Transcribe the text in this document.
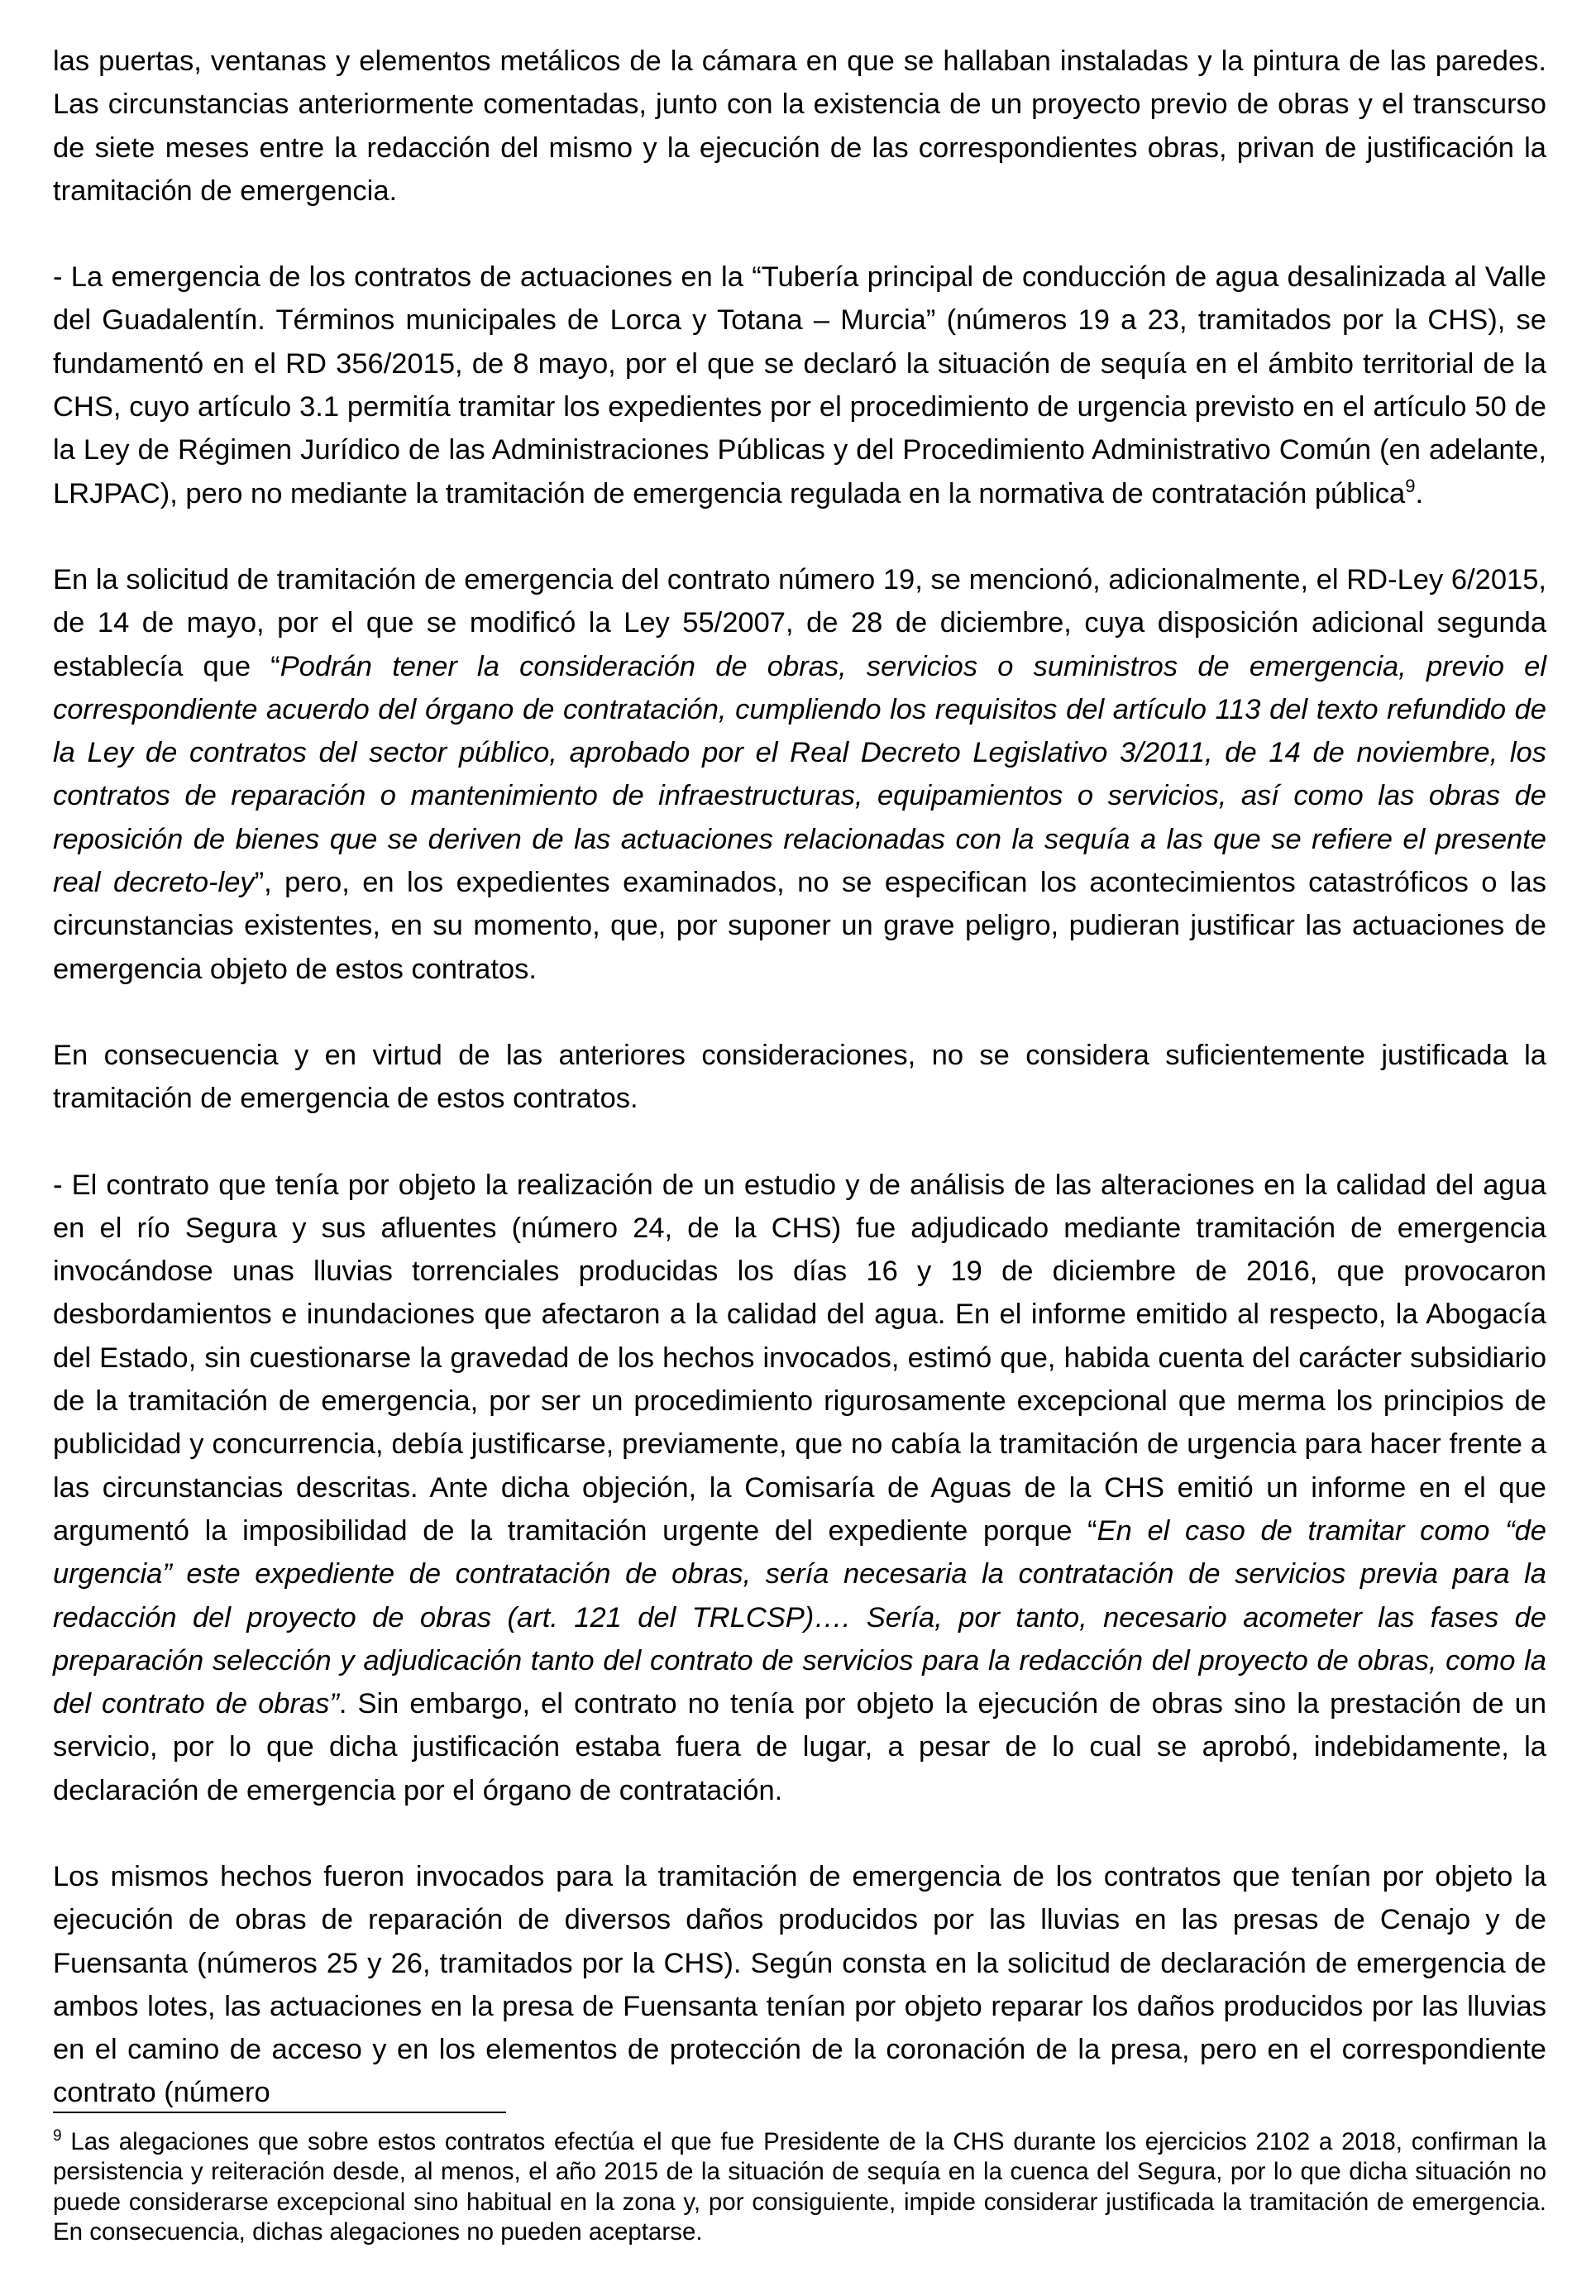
las puertas, ventanas y elementos metálicos de la cámara en que se hallaban instaladas y la pintura de las paredes. Las circunstancias anteriormente comentadas, junto con la existencia de un proyecto previo de obras y el transcurso de siete meses entre la redacción del mismo y la ejecución de las correspondientes obras, privan de justificación la tramitación de emergencia.

- La emergencia de los contratos de actuaciones en la “Tubería principal de conducción de agua desalinizada al Valle del Guadalentín. Términos municipales de Lorca y Totana – Murcia” (números 19 a 23, tramitados por la CHS), se fundamentó en el RD 356/2015, de 8 mayo, por el que se declaró la situación de sequía en el ámbito territorial de la CHS, cuyo artículo 3.1 permitía tramitar los expedientes por el procedimiento de urgencia previsto en el artículo 50 de la Ley de Régimen Jurídico de las Administraciones Públicas y del Procedimiento Administrativo Común (en adelante, LRJPAC), pero no mediante la tramitación de emergencia regulada en la normativa de contratación pública$^9$.

En la solicitud de tramitación de emergencia del contrato número 19, se mencionó, adicionalmente, el RD-Ley 6/2015, de 14 de mayo, por el que se modificó la Ley 55/2007, de 28 de diciembre, cuya disposición adicional segunda establecía que “Podrán tener la consideración de obras, servicios o suministros de emergencia, previo el correspondiente acuerdo del órgano de contratación, cumpliendo los requisitos del artículo 113 del texto refundido de la Ley de contratos del sector público, aprobado por el Real Decreto Legislativo 3/2011, de 14 de noviembre, los contratos de reparación o mantenimiento de infraestructuras, equipamientos o servicios, así como las obras de reposición de bienes que se deriven de las actuaciones relacionadas con la sequía a las que se refiere el presente real decreto-ley”, pero, en los expedientes examinados, no se especifican los acontecimientos catastróficos o las circunstancias existentes, en su momento, que, por suponer un grave peligro, pudieran justificar las actuaciones de emergencia objeto de estos contratos.

En consecuencia y en virtud de las anteriores consideraciones, no se considera suficientemente justificada la tramitación de emergencia de estos contratos.

- El contrato que tenía por objeto la realización de un estudio y de análisis de las alteraciones en la calidad del agua en el río Segura y sus afluentes (número 24, de la CHS) fue adjudicado mediante tramitación de emergencia invocándose unas lluvias torrenciales producidas los días 16 y 19 de diciembre de 2016, que provocaron desbordamientos e inundaciones que afectaron a la calidad del agua. En el informe emitido al respecto, la Abogacía del Estado, sin cuestionarse la gravedad de los hechos invocados, estimó que, habida cuenta del carácter subsidiario de la tramitación de emergencia, por ser un procedimiento rigurosamente excepcional que merma los principios de publicidad y concurrencia, debía justificarse, previamente, que no cabía la tramitación de urgencia para hacer frente a las circunstancias descritas. Ante dicha objeción, la Comisaría de Aguas de la CHS emitió un informe en el que argumentó la imposibilidad de la tramitación urgente del expediente porque “En el caso de tramitar como “de urgencia” este expediente de contratación de obras, sería necesaria la contratación de servicios previa para la redacción del proyecto de obras (art. 121 del TRLCSP)…. Sería, por tanto, necesario acometer las fases de preparación selección y adjudicación tanto del contrato de servicios para la redacción del proyecto de obras, como la del contrato de obras”. Sin embargo, el contrato no tenía por objeto la ejecución de obras sino la prestación de un servicio, por lo que dicha justificación estaba fuera de lugar, a pesar de lo cual se aprobó, indebidamente, la declaración de emergencia por el órgano de contratación.

Los mismos hechos fueron invocados para la tramitación de emergencia de los contratos que tenían por objeto la ejecución de obras de reparación de diversos daños producidos por las lluvias en las presas de Cenajo y de Fuensanta (números 25 y 26, tramitados por la CHS). Según consta en la solicitud de declaración de emergencia de ambos lotes, las actuaciones en la presa de Fuensanta tenían por objeto reparar los daños producidos por las lluvias en el camino de acceso y en los elementos de protección de la coronación de la presa, pero en el correspondiente contrato (número

$^9$ Las alegaciones que sobre estos contratos efectúa el que fue Presidente de la CHS durante los ejercicios 2102 a 2018, confirman la persistencia y reiteración desde, al menos, el año 2015 de la situación de sequía en la cuenca del Segura, por lo que dicha situación no puede considerarse excepcional sino habitual en la zona y, por consiguiente, impide considerar justificada la tramitación de emergencia. En consecuencia, dichas alegaciones no pueden aceptarse.
